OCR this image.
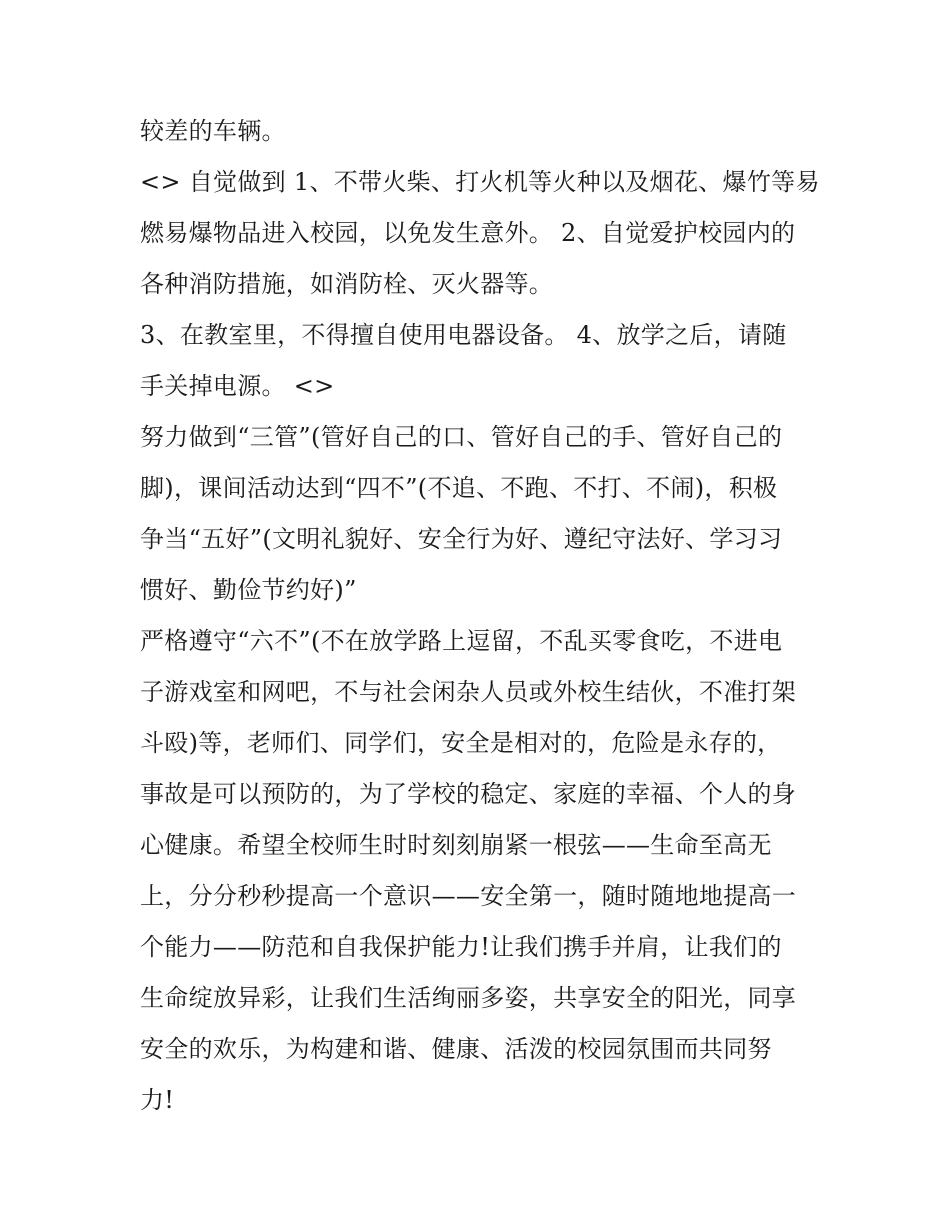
较差的车辆。
<> 自觉做到 1、不带火柴、打火机等火种以及烟花、爆竹等易
燃易爆物品进入校园，以免发生意外。 2、自觉爱护校园内的
各种消防措施，如消防栓、灭火器等。
3、在教室里，不得擅自使用电器设备。 4、放学之后，请随
手关掉电源。 <>
努力做到“三管”(管好自己的口、管好自己的手、管好自己的
脚)，课间活动达到“四不”(不追、不跑、不打、不闹)，积极
争当“五好”(文明礼貌好、安全行为好、遵纪守法好、学习习
惯好、勤俭节约好)”
严格遵守“六不”(不在放学路上逗留，不乱买零食吃，不进电
子游戏室和网吧，不与社会闲杂人员或外校生结伙，不准打架
斗殴)等，老师们、同学们，安全是相对的，危险是永存的，
事故是可以预防的，为了学校的稳定、家庭的幸福、个人的身
心健康。希望全校师生时时刻刻崩紧一根弦——生命至高无
上，分分秒秒提高一个意识——安全第一，随时随地地提高一
个能力——防范和自我保护能力!让我们携手并肩，让我们的
生命绽放异彩，让我们生活绚丽多姿，共享安全的阳光，同享
安全的欢乐，为构建和谐、健康、活泼的校园氛围而共同努
力!
